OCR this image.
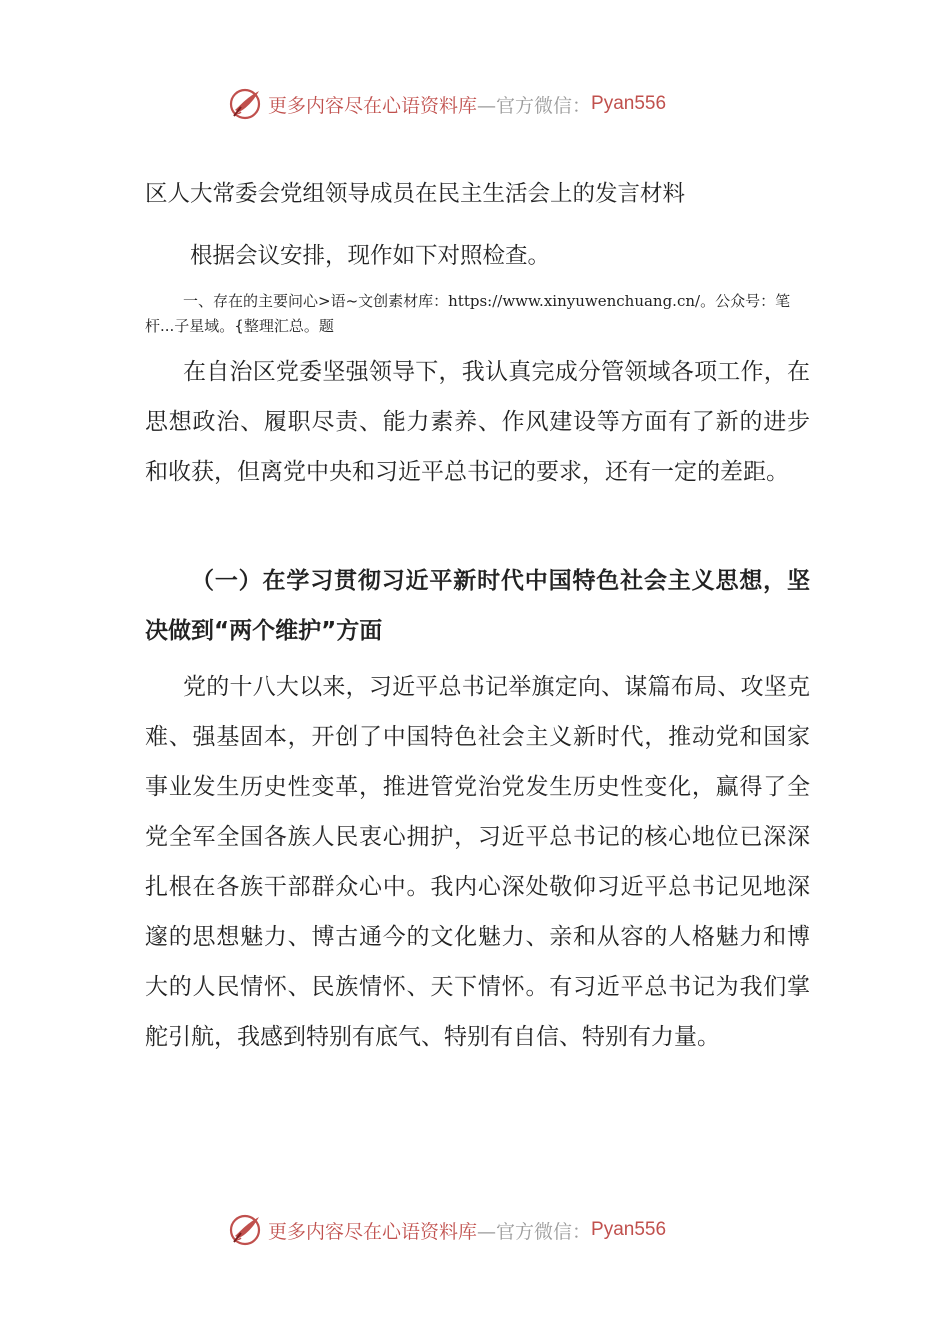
更多内容尽在心语资料库 —官方微信： Pyan556
区人大常委会党组领导成员在民主生活会上的发言材料

根据会议安排，现作如下对照检查。

一、存在的主要问心>语~文创素材库：https://www.xinyuwenchuang.cn/。公众号：笔杆...子星域。{整理汇总。题

在自治区党委坚强领导下，我认真完成分管领域各项工作，在思想政治、履职尽责、能力素养、作风建设等方面有了新的进步和收获，但离党中央和习近平总书记的要求，还有一定的差距。

（一）在学习贯彻习近平新时代中国特色社会主义思想，坚决做到“两个维护”方面

党的十八大以来，习近平总书记举旗定向、谋篇布局、攻坚克难、强基固本，开创了中国特色社会主义新时代，推动党和国家事业发生历史性变革，推进管党治党发生历史性变化，赢得了全党全军全国各族人民衷心拥护，习近平总书记的核心地位已深深扎根在各族干部群众心中。我内心深处敬仰习近平总书记见地深邃的思想魅力、博古通今的文化魅力、亲和从容的人格魅力和博大的人民情怀、民族情怀、天下情怀。有习近平总书记为我们掌舵引航，我感到特别有底气、特别有自信、特别有力量。

更多内容尽在心语资料库 —官方微信： Pyan556
